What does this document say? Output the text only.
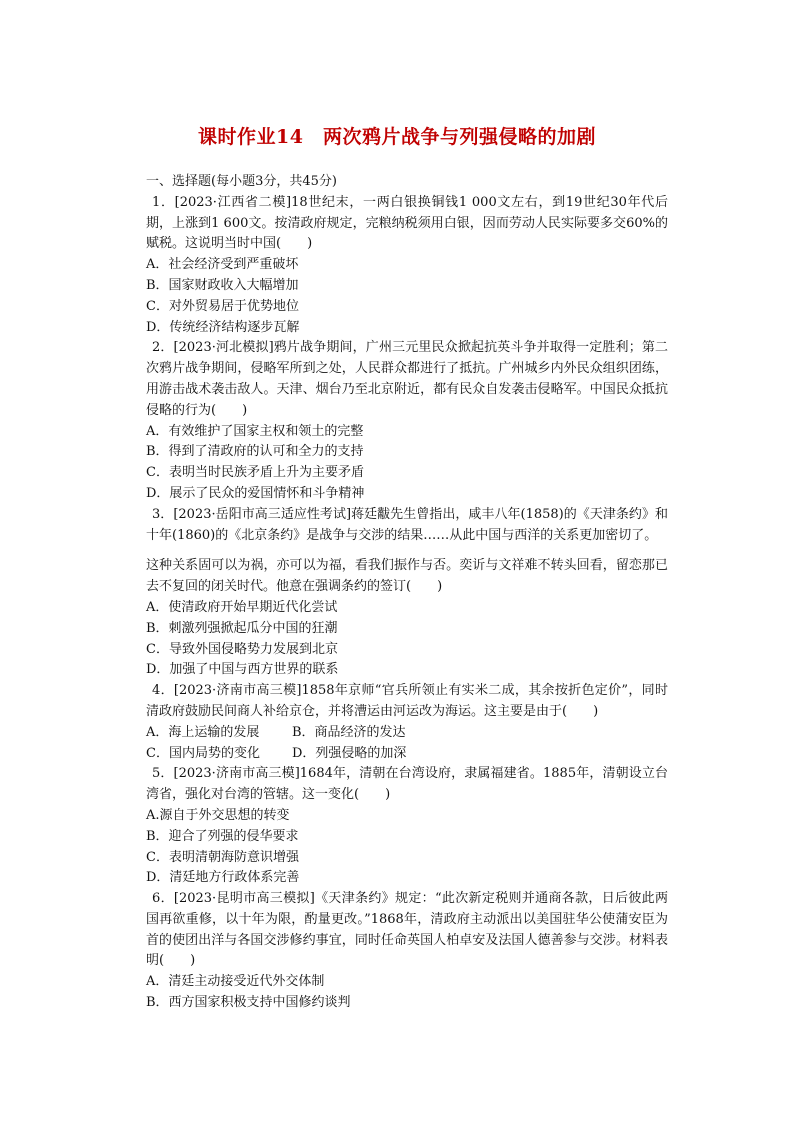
课时作业14　两次鸦片战争与列强侵略的加剧

一、选择题(每小题3分，共45分)

1．[2023·江西省二模]18世纪末，一两白银换铜钱1 000文左右，到19世纪30年代后期，上涨到1 600文。按清政府规定，完粮纳税须用白银，因而劳动人民实际要多交60%的赋税。这说明当时中国(　　)

A．社会经济受到严重破坏

B．国家财政收入大幅增加

C．对外贸易居于优势地位

D．传统经济结构逐步瓦解

2．[2023·河北模拟]鸦片战争期间，广州三元里民众掀起抗英斗争并取得一定胜利；第二次鸦片战争期间，侵略军所到之处，人民群众都进行了抵抗。广州城乡内外民众组织团练，用游击战术袭击敌人。天津、烟台乃至北京附近，都有民众自发袭击侵略军。中国民众抵抗侵略的行为(　　)

A．有效维护了国家主权和领土的完整

B．得到了清政府的认可和全力的支持

C．表明当时民族矛盾上升为主要矛盾

D．展示了民众的爱国情怀和斗争精神

3．[2023·岳阳市高三适应性考试]蒋廷黻先生曾指出，咸丰八年(1858)的《天津条约》和十年(1860)的《北京条约》是战争与交涉的结果……从此中国与西洋的关系更加密切了。

这种关系固可以为祸，亦可以为福，看我们振作与否。奕䜣与文祥难不转头回看，留恋那已去不复回的闭关时代。他意在强调条约的签订(　　)

A．使清政府开始早期近代化尝试

B．刺激列强掀起瓜分中国的狂潮

C．导致外国侵略势力发展到北京

D．加强了中国与西方世界的联系

4．[2023·济南市高三模]1858年京师“官兵所领止有实米二成，其余按折色定价”，同时清政府鼓励民间商人补给京仓，并将漕运由河运改为海运。这主要是由于(　　)

A．海上运输的发展	B．商品经济的发达

C．国内局势的变化	D．列强侵略的加深

5．[2023·济南市高三模]1684年，清朝在台湾设府，隶属福建省。1885年，清朝设立台湾省，强化对台湾的管辖。这一变化(　　)

A.源自于外交思想的转变

B．迎合了列强的侵华要求

C．表明清朝海防意识增强

D．清廷地方行政体系完善

6．[2023·昆明市高三模拟]《天津条约》规定：“此次新定税则并通商各款，日后彼此两国再欲重修，以十年为限，酌量更改。”1868年，清政府主动派出以美国驻华公使蒲安臣为首的使团出洋与各国交涉修约事宜，同时任命英国人柏卓安及法国人德善参与交涉。材料表明(　　)

A．清廷主动接受近代外交体制

B．西方国家积极支持中国修约谈判
